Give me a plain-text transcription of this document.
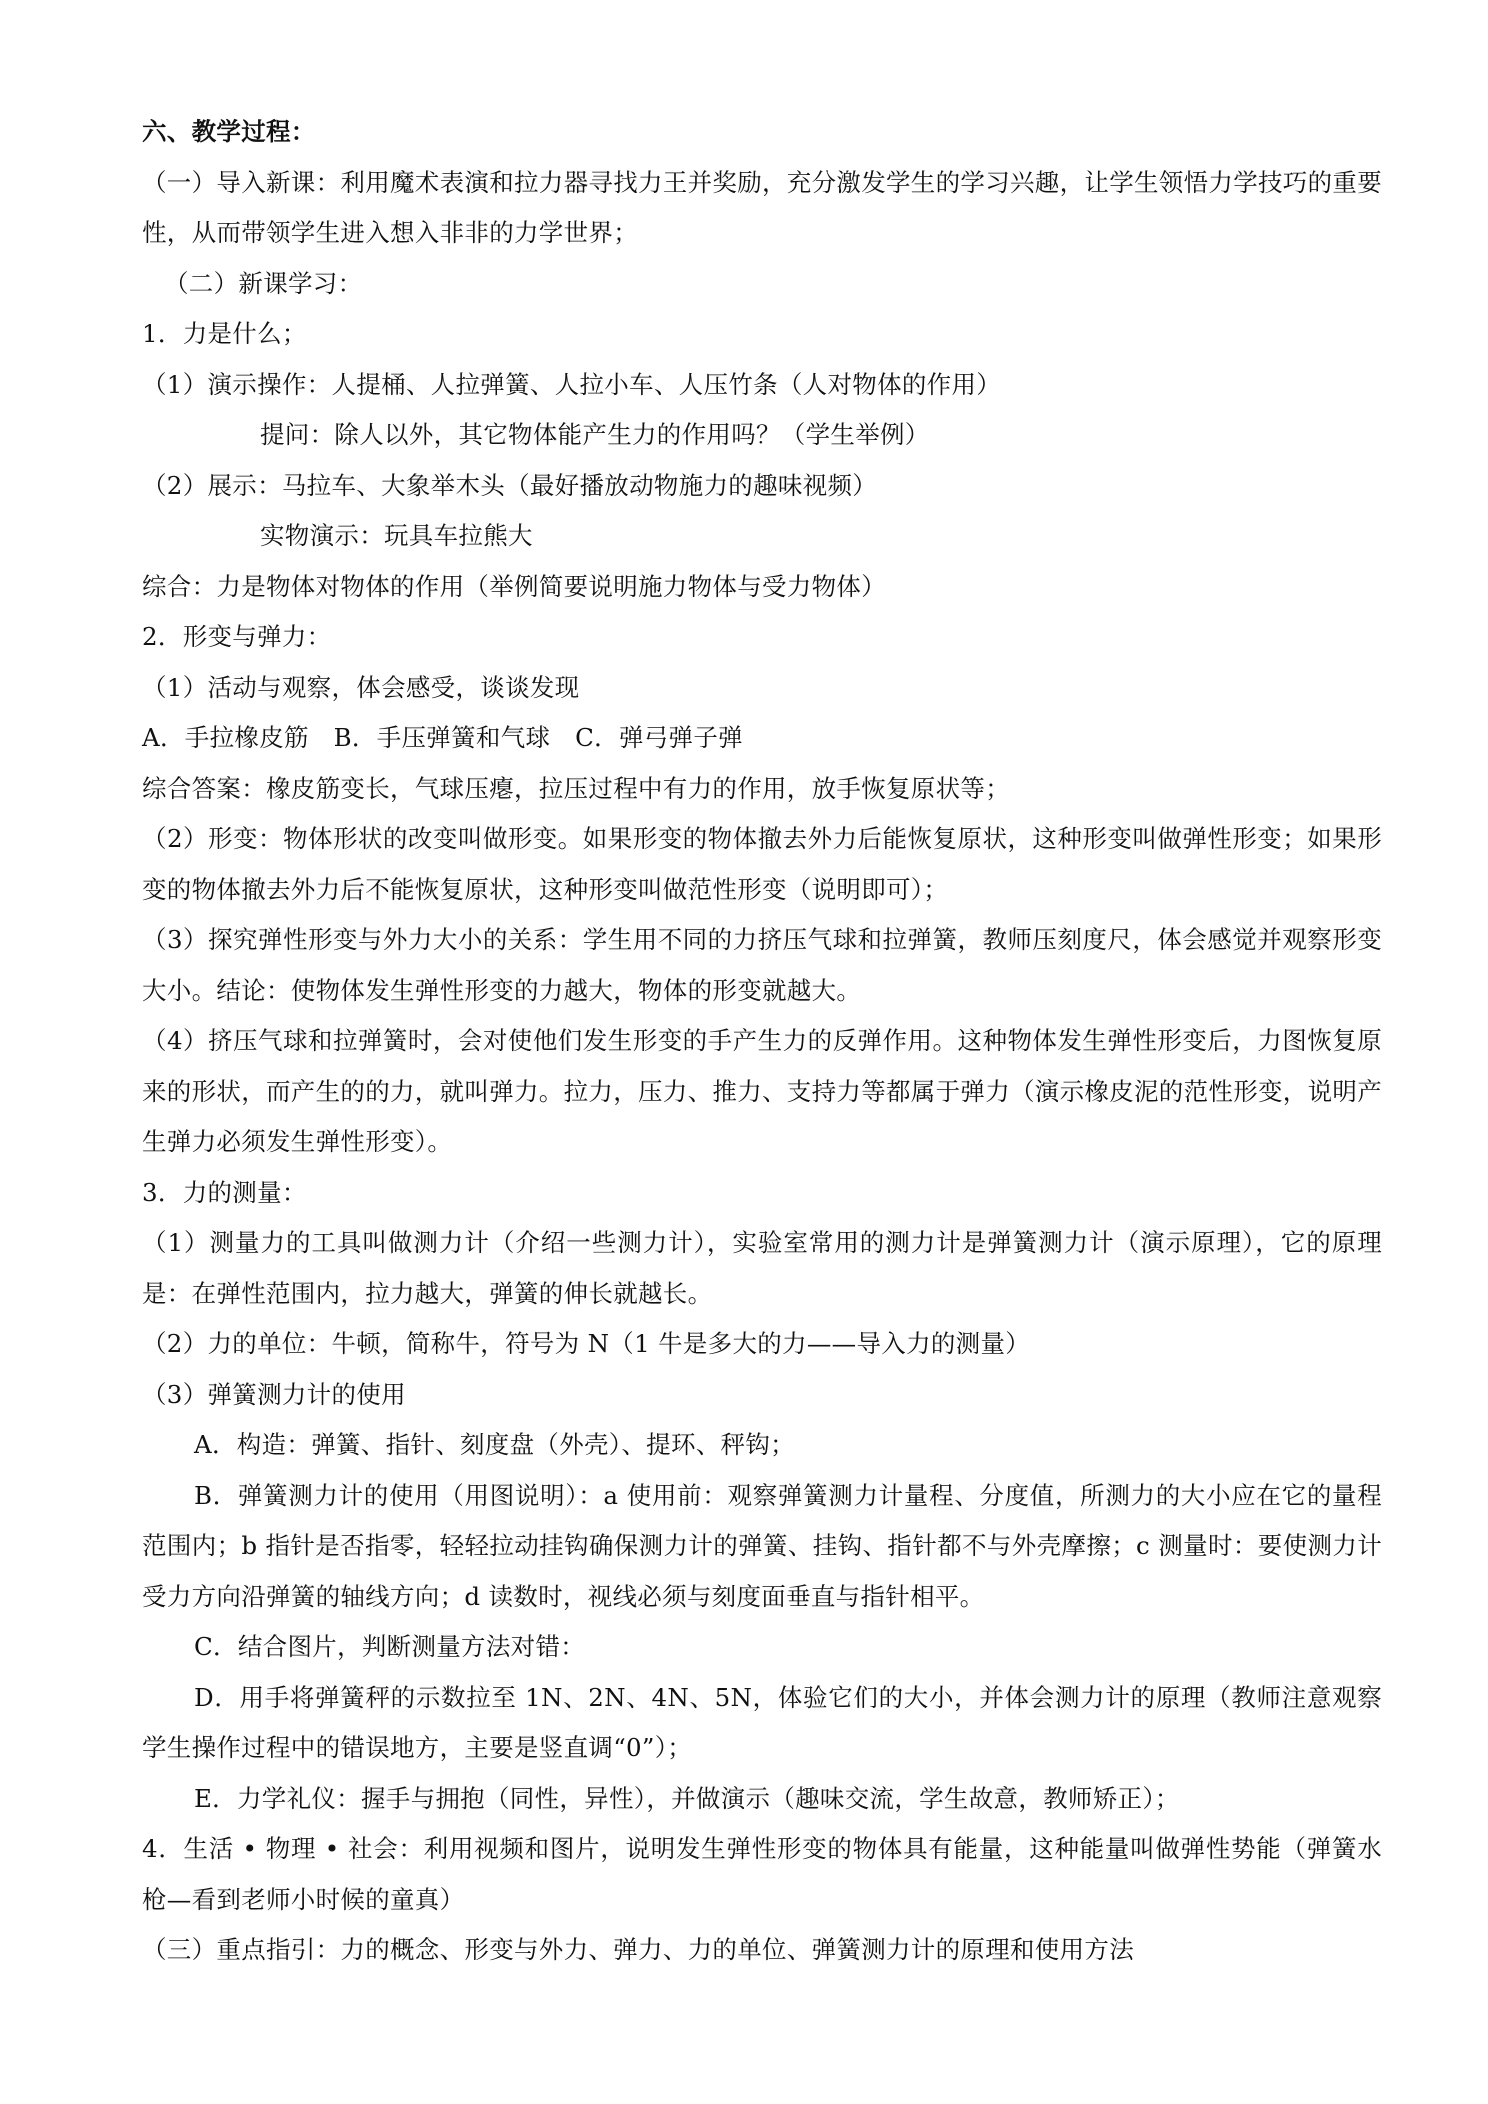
六、教学过程：
（一）导入新课：利用魔术表演和拉力器寻找力王并奖励，充分激发学生的学习兴趣，让学生领悟力学技巧的重要性，从而带领学生进入想入非非的力学世界；
（二）新课学习：
1．力是什么；
（1）演示操作：人提桶、人拉弹簧、人拉小车、人压竹条（人对物体的作用）
提问：除人以外，其它物体能产生力的作用吗？（学生举例）
（2）展示：马拉车、大象举木头（最好播放动物施力的趣味视频）
实物演示：玩具车拉熊大
综合：力是物体对物体的作用（举例简要说明施力物体与受力物体）
2．形变与弹力：
（1）活动与观察，体会感受，谈谈发现
A．手拉橡皮筋　B．手压弹簧和气球　C．弹弓弹子弹
综合答案：橡皮筋变长，气球压瘪，拉压过程中有力的作用，放手恢复原状等；
（2）形变：物体形状的改变叫做形变。如果形变的物体撤去外力后能恢复原状，这种形变叫做弹性形变；如果形变的物体撤去外力后不能恢复原状，这种形变叫做范性形变（说明即可）；
（3）探究弹性形变与外力大小的关系：学生用不同的力挤压气球和拉弹簧，教师压刻度尺，体会感觉并观察形变大小。结论：使物体发生弹性形变的力越大，物体的形变就越大。
（4）挤压气球和拉弹簧时，会对使他们发生形变的手产生力的反弹作用。这种物体发生弹性形变后，力图恢复原来的形状，而产生的的力，就叫弹力。拉力，压力、推力、支持力等都属于弹力（演示橡皮泥的范性形变，说明产生弹力必须发生弹性形变）。
3．力的测量：
（1）测量力的工具叫做测力计（介绍一些测力计），实验室常用的测力计是弹簧测力计（演示原理），它的原理是：在弹性范围内，拉力越大，弹簧的伸长就越长。
（2）力的单位：牛顿，简称牛，符号为 N（1 牛是多大的力——导入力的测量）
（3）弹簧测力计的使用
A．构造：弹簧、指针、刻度盘（外壳）、提环、秤钩；
B．弹簧测力计的使用（用图说明）：a 使用前：观察弹簧测力计量程、分度值，所测力的大小应在它的量程范围内；b 指针是否指零，轻轻拉动挂钩确保测力计的弹簧、挂钩、指针都不与外壳摩擦；c 测量时：要使测力计受力方向沿弹簧的轴线方向；d 读数时，视线必须与刻度面垂直与指针相平。
C．结合图片，判断测量方法对错：
D．用手将弹簧秤的示数拉至 1N、2N、4N、5N，体验它们的大小，并体会测力计的原理（教师注意观察学生操作过程中的错误地方，主要是竖直调“0”）；
E．力学礼仪：握手与拥抱（同性，异性），并做演示（趣味交流，学生故意，教师矫正）；
4．生活 • 物理 • 社会：利用视频和图片，说明发生弹性形变的物体具有能量，这种能量叫做弹性势能（弹簧水枪—看到老师小时候的童真）
（三）重点指引：力的概念、形变与外力、弹力、力的单位、弹簧测力计的原理和使用方法
